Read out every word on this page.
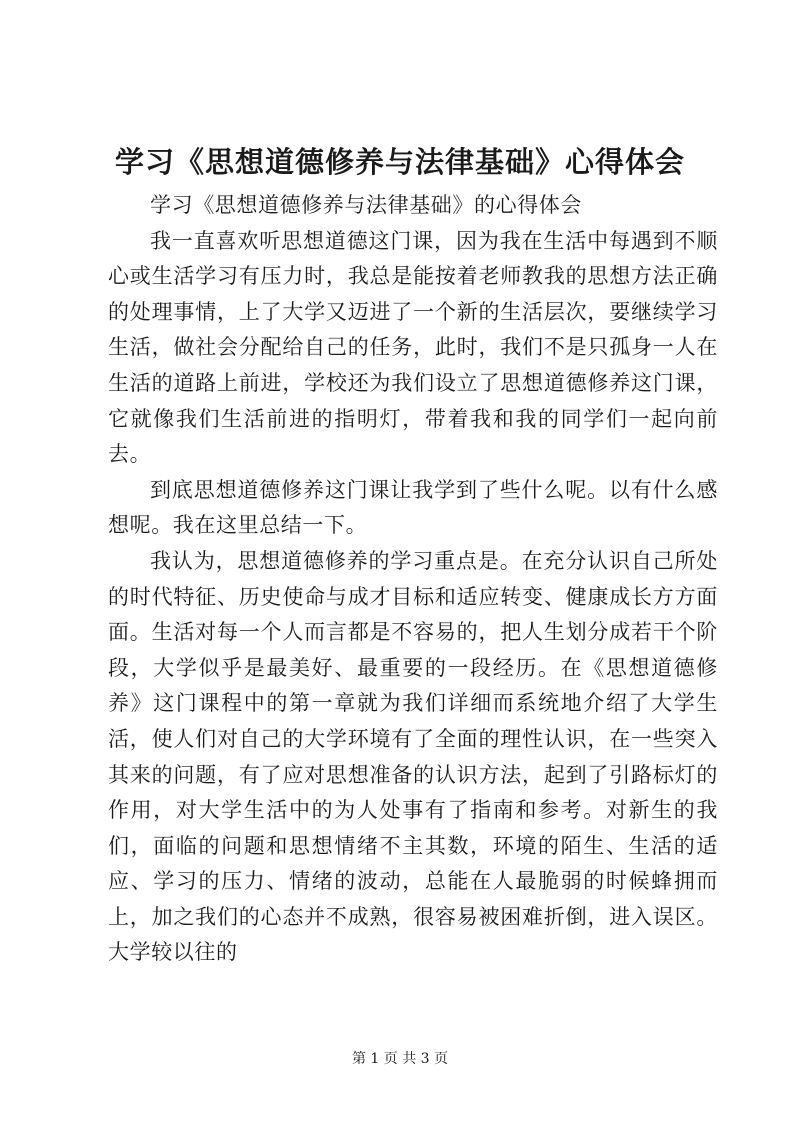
学习《思想道德修养与法律基础》心得体会

学习《思想道德修养与法律基础》的心得体会

我一直喜欢听思想道德这门课，因为我在生活中每遇到不顺心或生活学习有压力时，我总是能按着老师教我的思想方法正确的处理事情，上了大学又迈进了一个新的生活层次，要继续学习生活，做社会分配给自己的任务，此时，我们不是只孤身一人在生活的道路上前进，学校还为我们设立了思想道德修养这门课，它就像我们生活前进的指明灯，带着我和我的同学们一起向前去。

到底思想道德修养这门课让我学到了些什么呢。以有什么感想呢。我在这里总结一下。

我认为，思想道德修养的学习重点是。在充分认识自己所处的时代特征、历史使命与成才目标和适应转变、健康成长方方面面。生活对每一个人而言都是不容易的，把人生划分成若干个阶段，大学似乎是最美好、最重要的一段经历。在《思想道德修养》这门课程中的第一章就为我们详细而系统地介绍了大学生活，使人们对自己的大学环境有了全面的理性认识，在一些突入其来的问题，有了应对思想准备的认识方法，起到了引路标灯的作用，对大学生活中的为人处事有了指南和参考。对新生的我们，面临的问题和思想情绪不主其数，环境的陌生、生活的适应、学习的压力、情绪的波动，总能在人最脆弱的时候蜂拥而上，加之我们的心态并不成熟，很容易被困难折倒，进入误区。大学较以往的

第 1 页 共 3 页
